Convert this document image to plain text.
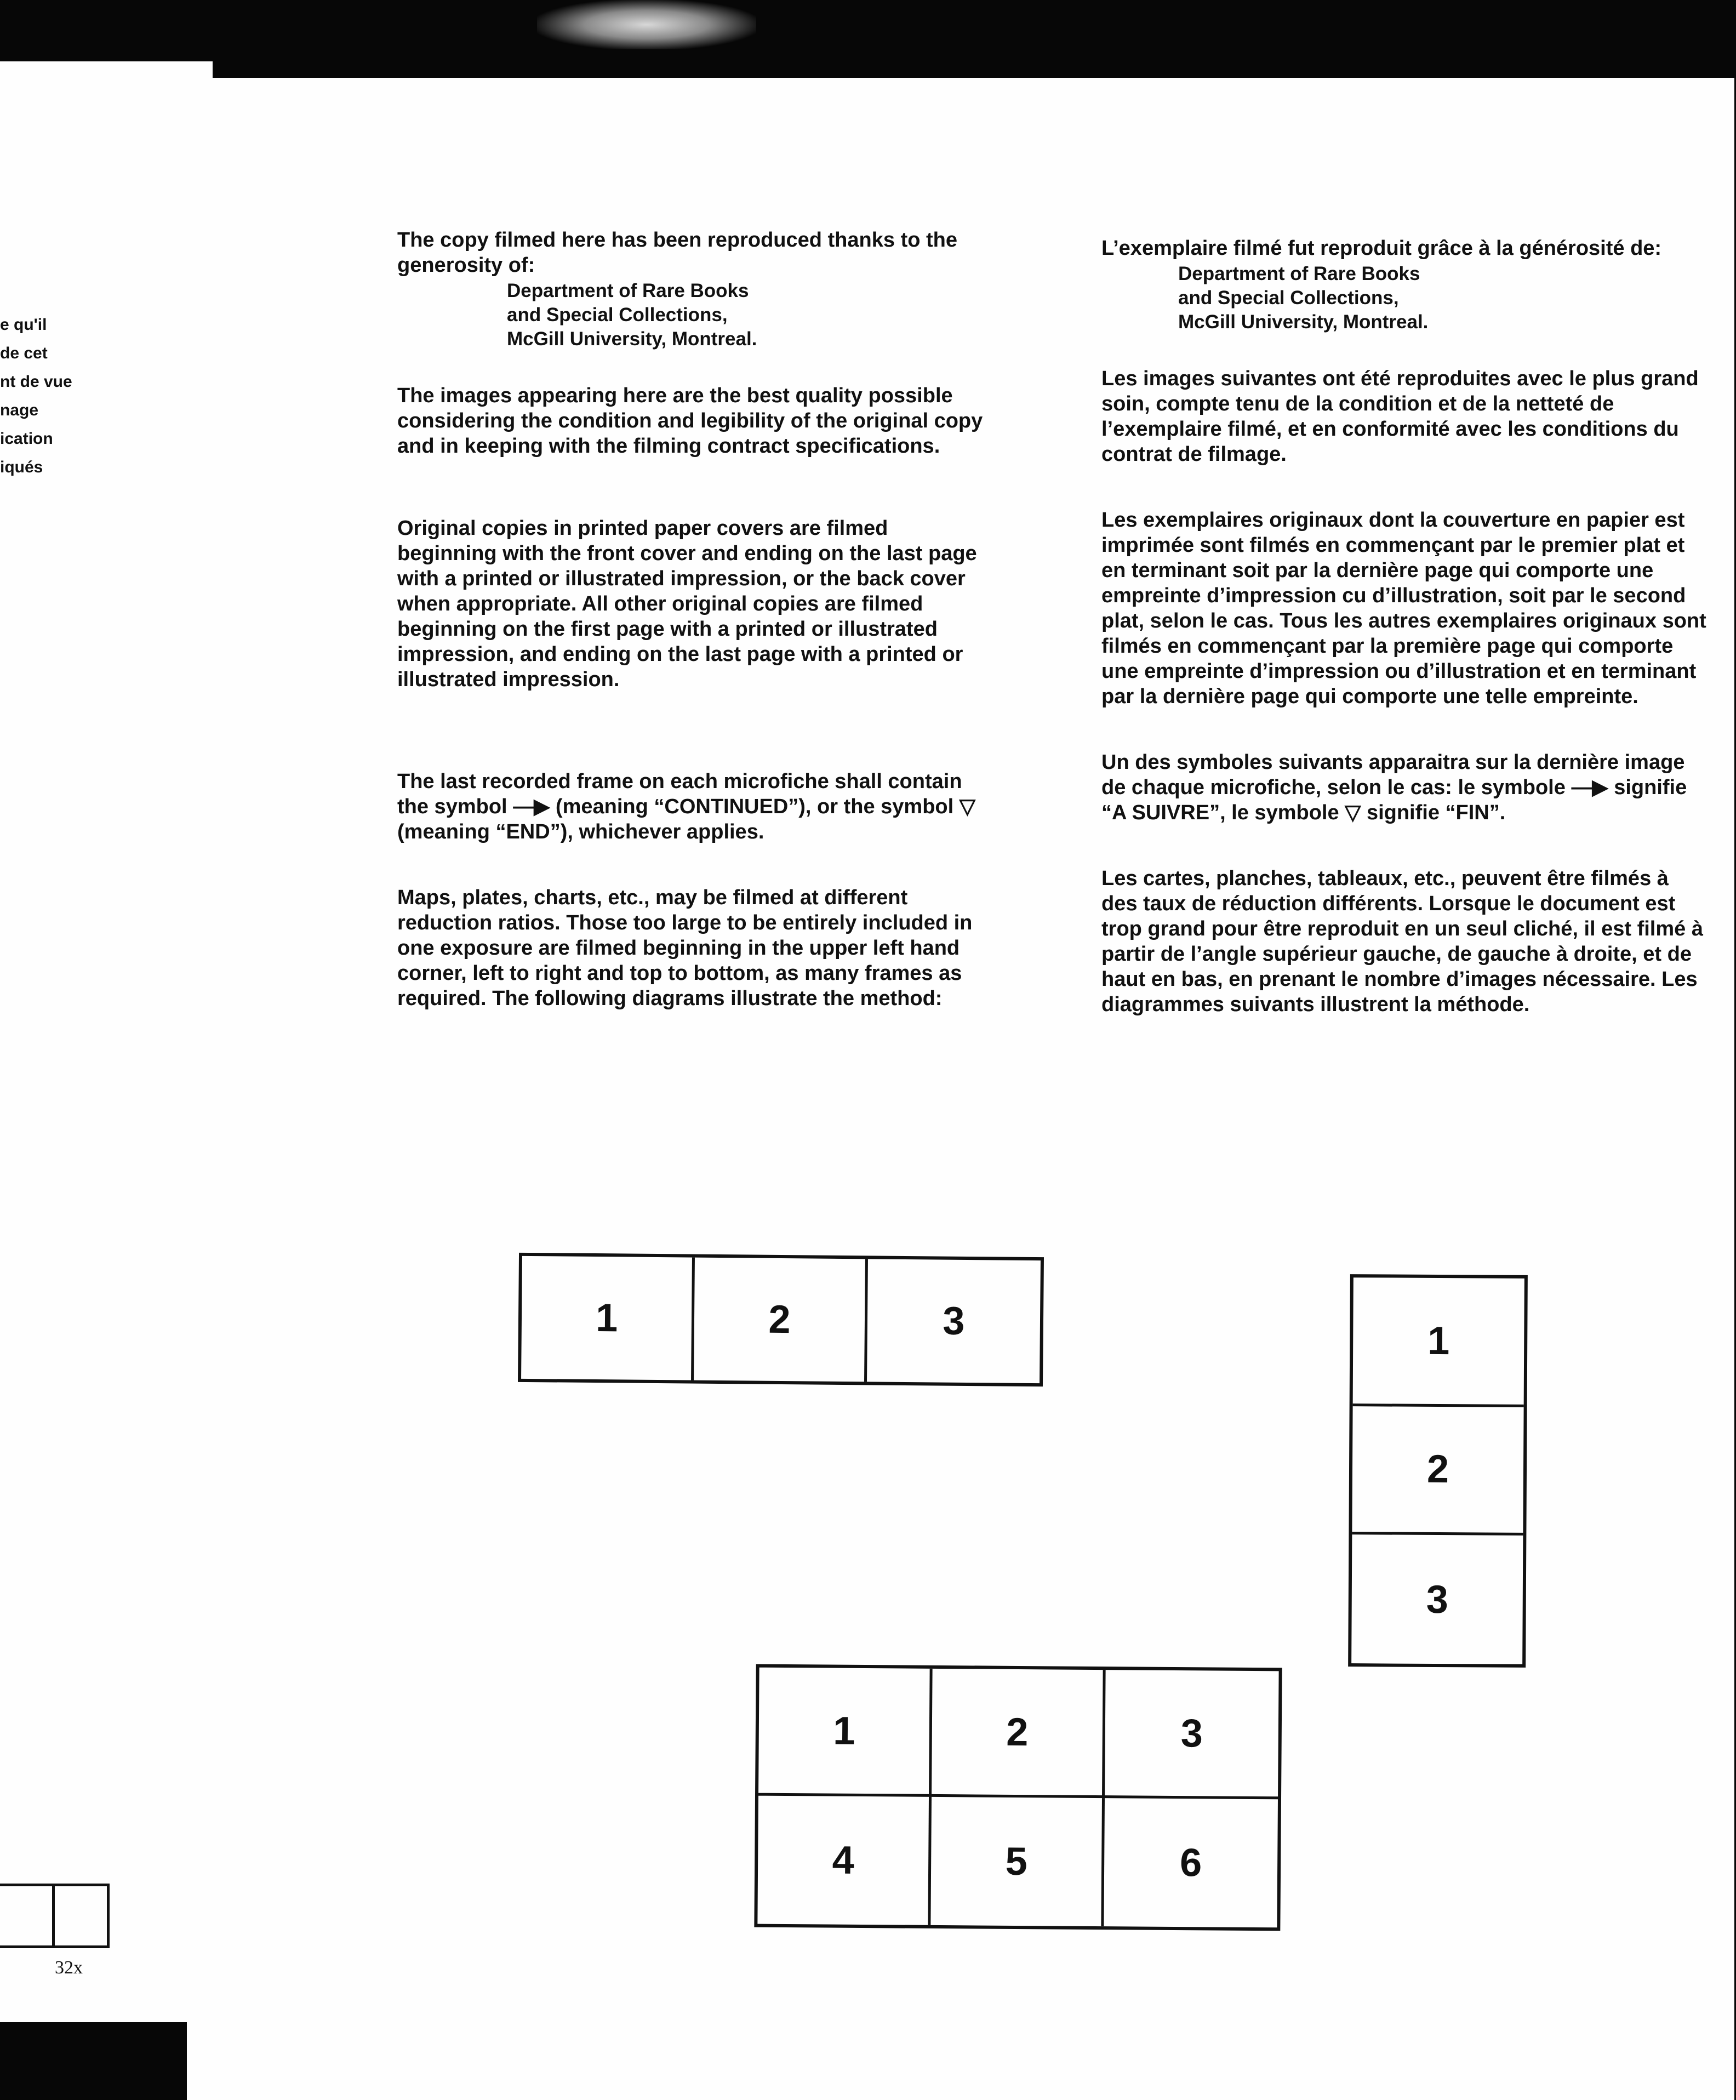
e qu'il
de cet
nt de vue
nage
ication
iqués
32x

The copy filmed here has been reproduced thanks to the generosity of:

Department of Rare Books
and Special Collections,
McGill University, Montreal.

The images appearing here are the best quality possible considering the condition and legibility of the original copy and in keeping with the filming contract specifications.

Original copies in printed paper covers are filmed beginning with the front cover and ending on the last page with a printed or illustrated impression, or the back cover when appropriate. All other original copies are filmed beginning on the first page with a printed or illustrated impression, and ending on the last page with a printed or illustrated impression.

The last recorded frame on each microfiche shall contain the symbol —▶ (meaning “CONTINUED”), or the symbol ▽ (meaning “END”), whichever applies.

Maps, plates, charts, etc., may be filmed at different reduction ratios. Those too large to be entirely included in one exposure are filmed beginning in the upper left hand corner, left to right and top to bottom, as many frames as required. The following diagrams illustrate the method:

L’exemplaire filmé fut reproduit grâce à la générosité de:

Department of Rare Books
and Special Collections,
McGill University, Montreal.

Les images suivantes ont été reproduites avec le plus grand soin, compte tenu de la condition et de la netteté de l’exemplaire filmé, et en conformité avec les conditions du contrat de filmage.

Les exemplaires originaux dont la couverture en papier est imprimée sont filmés en commençant par le premier plat et en terminant soit par la dernière page qui comporte une empreinte d’impression cu d’illustration, soit par le second plat, selon le cas. Tous les autres exemplaires originaux sont filmés en commençant par la première page qui comporte une empreinte d’impression ou d’illustration et en terminant par la dernière page qui comporte une telle empreinte.

Un des symboles suivants apparaitra sur la dernière image de chaque microfiche, selon le cas: le symbole —▶ signifie “A SUIVRE”, le symbole ▽ signifie “FIN”.

Les cartes, planches, tableaux, etc., peuvent être filmés à des taux de réduction différents. Lorsque le document est trop grand pour être reproduit en un seul cliché, il est filmé à partir de l’angle supérieur gauche, de gauche à droite, et de haut en bas, en prenant le nombre d’images nécessaire. Les diagrammes suivants illustrent la méthode.

1	2	3	1
2
3
1	2	3
4	5	6
